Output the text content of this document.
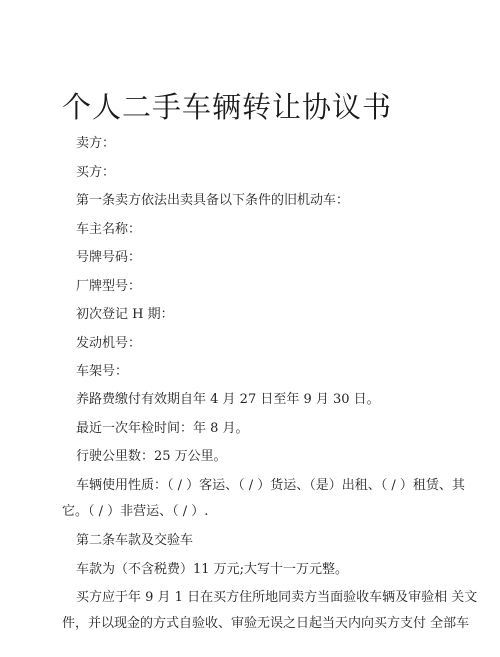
个人二手车辆转让协议书
卖方：
买方：
第一条卖方依法出卖具备以下条件的旧机动车：
车主名称：
号牌号码：
厂牌型号：
初次登记 H 期：
发动机号：
车架号：
养路费缴付有效期自年 4 月 27 日至年 9 月 30 日。
最近一次年检时间：年 8 月。
行驶公里数：25 万公里。
车辆使用性质：（ / ）客运、（ / ）货运、（是）出租、（ / ）租赁、其
它。（ / ）非营运、（ / ）.
第二条车款及交验车
车款为（不含税费）11 万元;大写十一万元整。
买方应于年 9 月 1 日在买方住所地同卖方当面验收车辆及审验相 关文
件，并以现金的方式自验收、审验无误之日起当天内向买方支付 全部车
